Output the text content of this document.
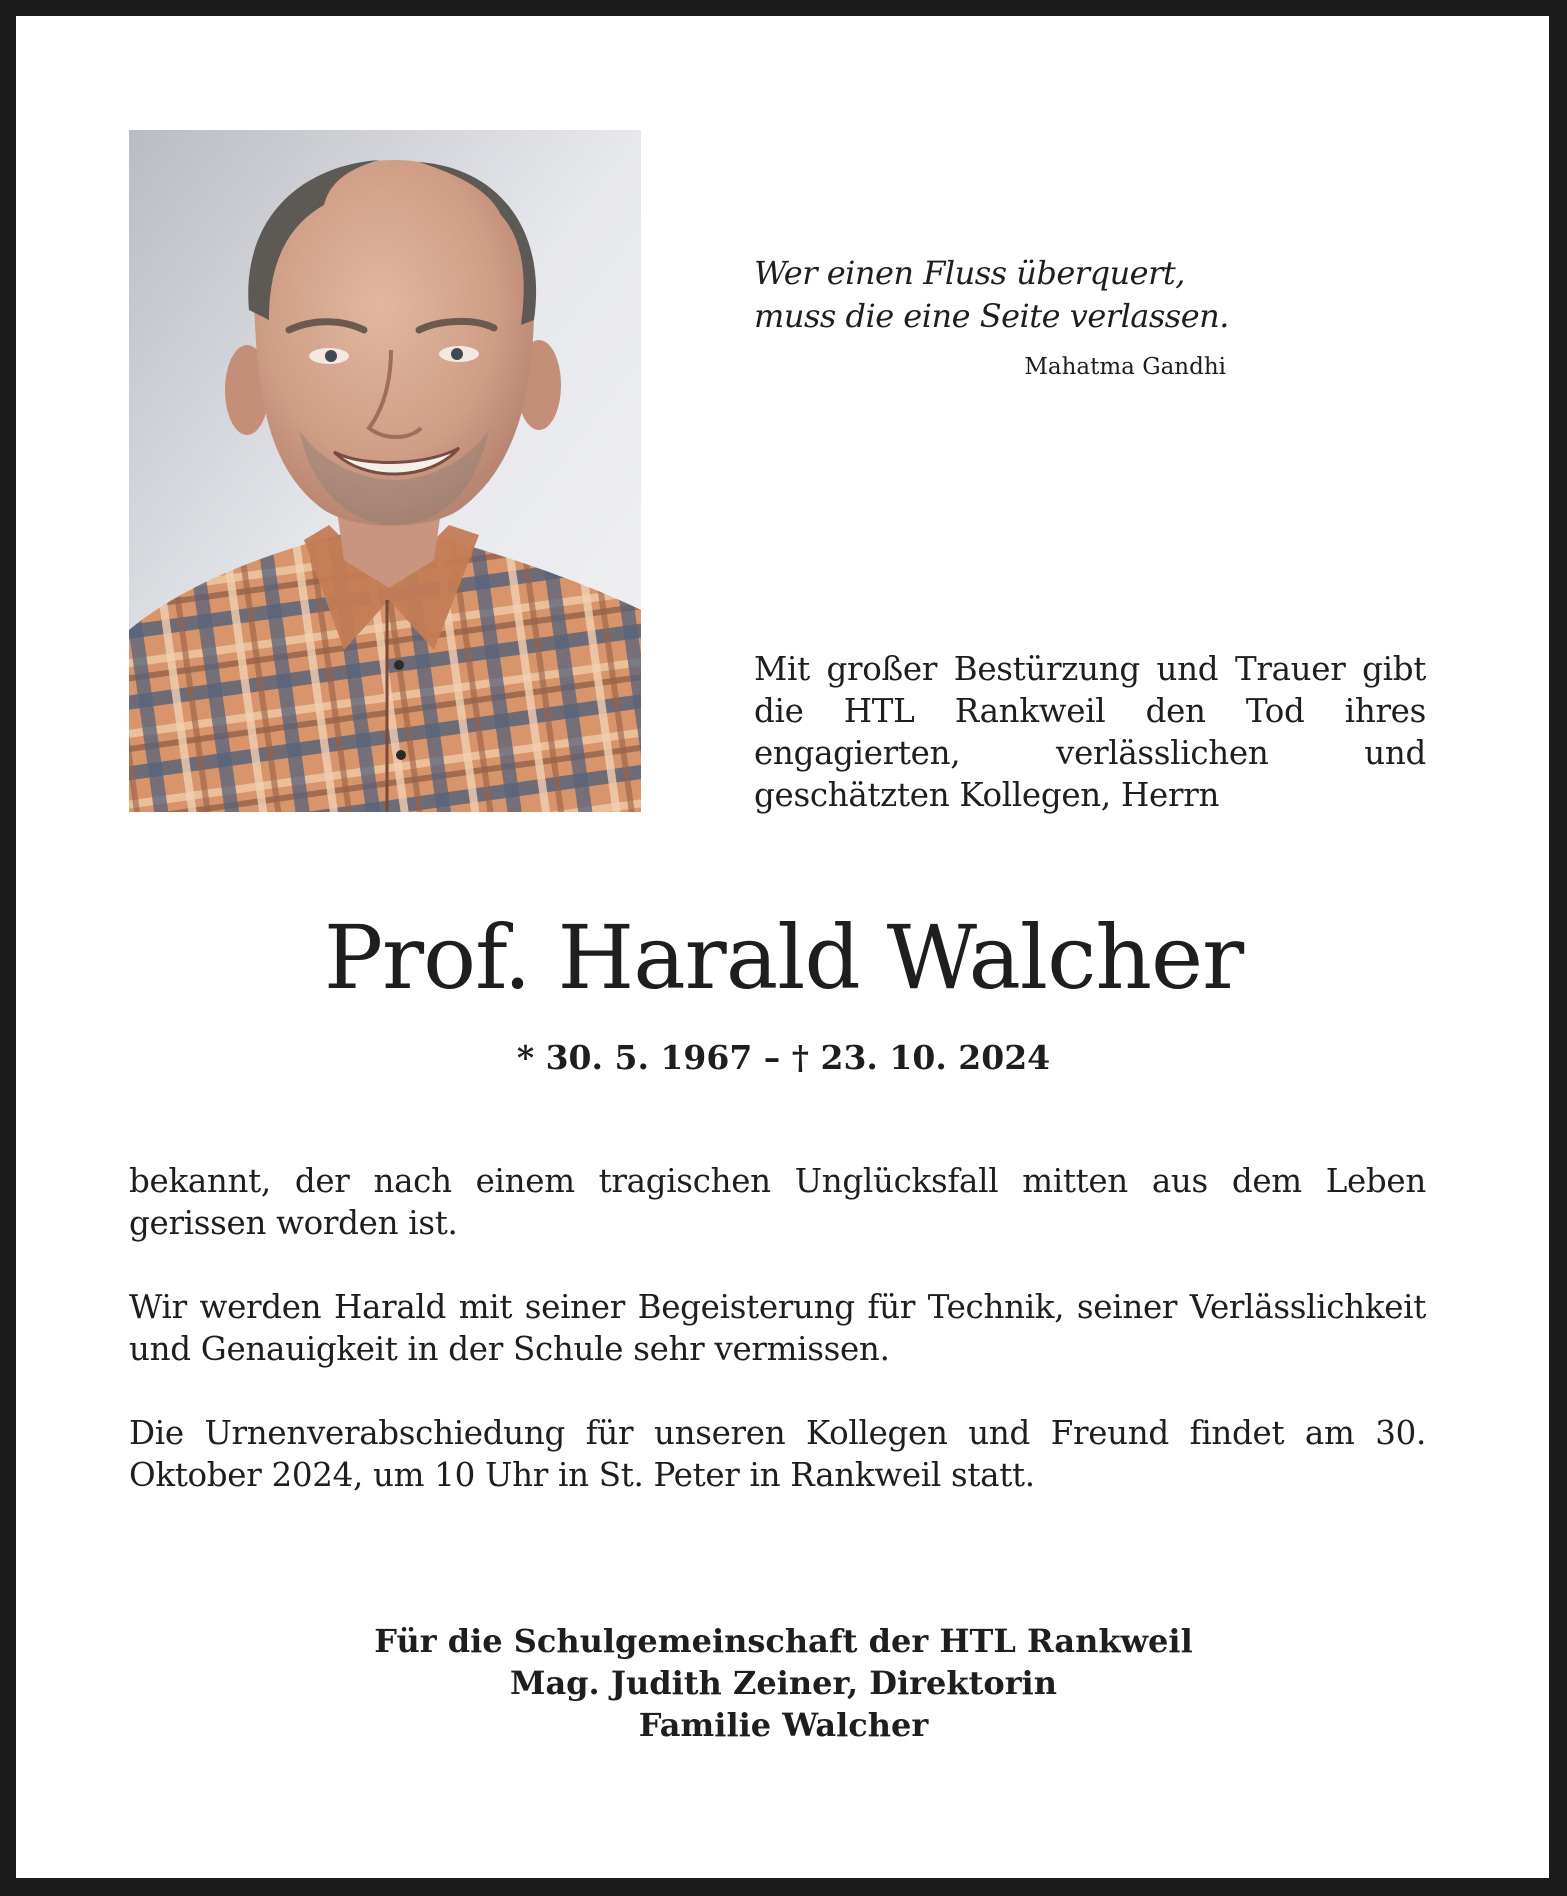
Wer einen Fluss überquert,
muss die eine Seite verlassen.
Mahatma Gandhi
Mit großer Bestürzung und Trauer gibt die HTL Rankweil den Tod ihres engagierten, verlässlichen und geschätzten Kollegen, Herrn
Prof. Harald Walcher
* 30. 5. 1967 – † 23. 10. 2024
bekannt, der nach einem tragischen Unglücksfall mitten aus dem Leben gerissen worden ist.
Wir werden Harald mit seiner Begeisterung für Technik, seiner Verlässlichkeit und Genauigkeit in der Schule sehr vermissen.
Die Urnenverabschiedung für unseren Kollegen und Freund findet am 30. Oktober 2024, um 10 Uhr in St. Peter in Rankweil statt.
Für die Schulgemeinschaft der HTL Rankweil
Mag. Judith Zeiner, Direktorin
Familie Walcher
